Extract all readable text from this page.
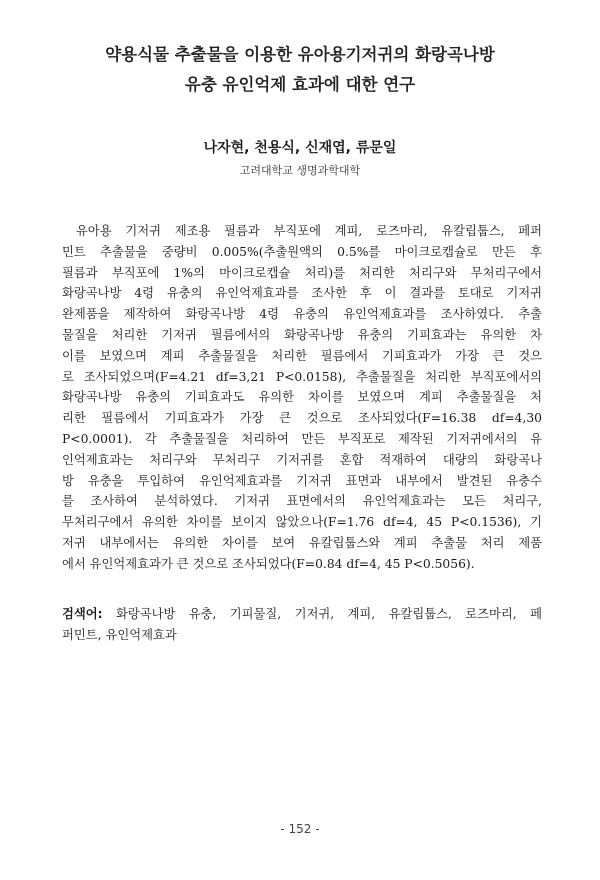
약용식물 추출물을 이용한 유아용기저귀의 화랑곡나방
유충 유인억제 효과에 대한 연구
나자현, 천용식, 신재엽, 류문일
고려대학교 생명과학대학
유아용 기저귀 제조용 필름과 부직포에 계피, 로즈마리, 유칼립툽스, 페퍼
민트 추출물을 중량비 0.005%(추출원액의 0.5%를 마이크로캡슐로 만든 후
필름과 부직포에 1%의 마이크로캡슐 처리)를 처리한 처리구와 무처리구에서
화랑곡나방 4령 유충의 유인억제효과를 조사한 후 이 결과를 토대로 기저귀
완제품을 제작하여 화랑곡나방 4령 유충의 유인억제효과를 조사하였다. 추출
물질을 처리한 기저귀 필름에서의 화랑곡나방 유충의 기피효과는 유의한 차
이를 보였으며 계피 추출물질을 처리한 필름에서 기피효과가 가장 큰 것으
로 조사되었으며(F=4.21 df=3,21 P<0.0158), 추출물질을 처리한 부직포에서의
화랑곡나방 유충의 기피효과도 유의한 차이를 보였으며 계피 추출물질을 처
리한 필름에서 기피효과가 가장 큰 것으로 조사되었다(F=16.38 df=4,30
P<0.0001). 각 추출물질을 처리하여 만든 부직포로 제작된 기저귀에서의 유
인억제효과는 처리구와 무처리구 기저귀를 혼합 적재하여 대량의 화랑곡나
방 유충을 투입하여 유인억제효과를 기저귀 표면과 내부에서 발견된 유충수
를 조사하여 분석하였다. 기저귀 표면에서의 유인억제효과는 모든 처리구,
무처리구에서 유의한 차이를 보이지 않았으나(F=1.76 df=4, 45 P<0.1536), 기
저귀 내부에서는 유의한 차이를 보여 유칼립툽스와 계피 추출물 처리 제품
에서 유인억제효과가 큰 것으로 조사되었다(F=0.84 df=4, 45 P<0.5056).
검색어: 화랑곡나방 유충, 기피물질, 기저귀, 계피, 유칼립툽스, 로즈마리, 페
퍼민트, 유인억제효과
- 152 -
